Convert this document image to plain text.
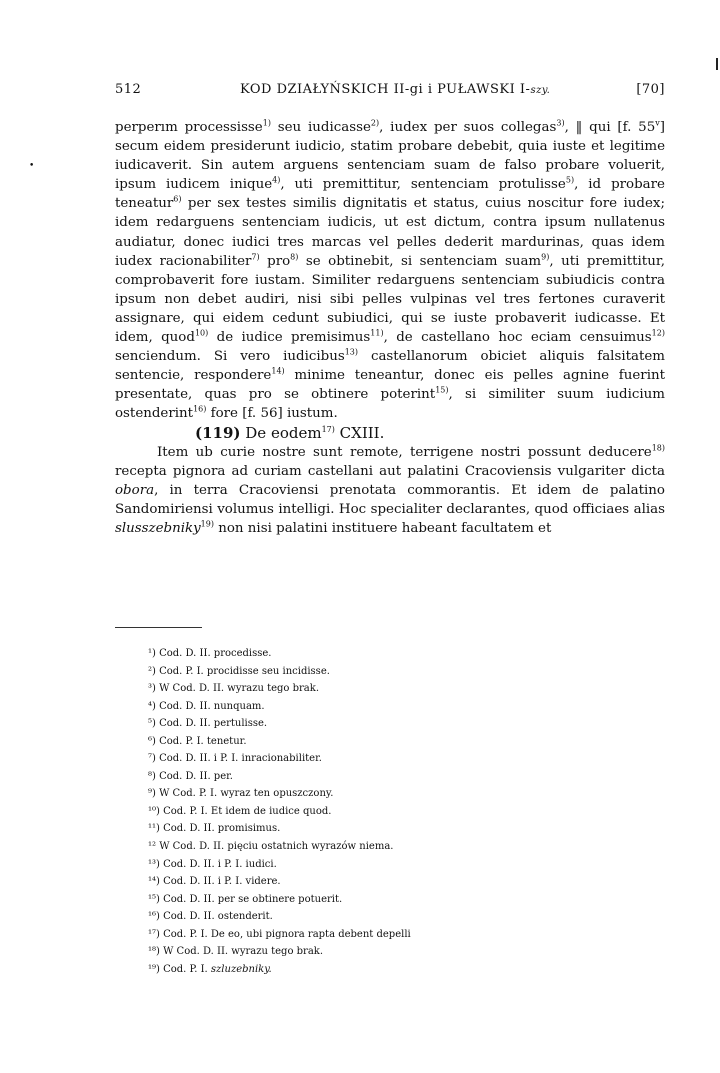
•
512	KOD DZIAŁYŃSKICH II-gi i PUŁAWSKI I-szy.	[70]

perperım processisse$^{1)}$ seu iudicasse$^{2)}$, iudex per suos collegas$^{3)}$, ‖ qui [f. 55$^v$] secum eidem presiderunt iudicio, statim probare debebit, quia iuste et legitime iudicaverit. Sin autem arguens sentenciam suam de falso probare voluerit, ipsum iudicem inique$^{4)}$, uti premittitur, sentenciam protulisse$^{5)}$, id probare teneatur$^{6)}$ per sex testes similis dignitatis et status, cuius noscitur fore iudex; idem redarguens sentenciam iudicis, ut est dictum, contra ipsum nullatenus audiatur, donec iudici tres marcas vel pelles dederit mardurinas, quas idem iudex racionabiliter$^{7)}$ pro$^{8)}$ se obtinebit, si sentenciam suam$^{9)}$, uti premittitur, comprobaverit fore iustam. Similiter redarguens sentenciam subiudicis contra ipsum non debet audiri, nisi sibi pelles vulpinas vel tres fertones curaverit assignare, qui eidem cedunt subiudici, qui se iuste probaverit iudicasse. Et idem, quod$^{10)}$ de iudice premisimus$^{11)}$, de castellano hoc eciam censuimus$^{12)}$ senciendum. Si vero iudicibus$^{13)}$ castellanorum obiciet aliquis falsitatem sentencie, respondere$^{14)}$ minime teneantur, donec eis pelles agnine fuerint presentate, quas pro se obtinere poterint$^{15)}$, si similiter suum iudicium ostenderint$^{16)}$ fore [f. 56] iustum.

(119) De eodem$^{17)}$ CXIII.

Item ub curie nostre sunt remote, terrigene nostri possunt deducere$^{18)}$ recepta pignora ad curiam castellani aut palatini Cracoviensis vulgariter dicta obora, in terra Cracoviensi prenotata commorantis. Et idem de palatino Sandomiriensi volumus intelligi. Hoc specialiter declarantes, quod officiaes alias slusszebniky$^{19)}$ non nisi palatini instituere habeant facultatem et

¹) Cod. D. II. procedisse.
²) Cod. P. I. procidisse seu incidisse.
³) W Cod. D. II. wyrazu tego brak.
⁴) Cod. D. II. nunquam.
⁵) Cod. D. II. pertulisse.
⁶) Cod. P. I. tenetur.
⁷) Cod. D. II. i P. I. inracionabiliter.
⁸) Cod. D. II. per.
⁹) W Cod. P. I. wyraz ten opuszczony.
¹⁰) Cod. P. I. Et idem de iudice quod.
¹¹) Cod. D. II. promisimus.
¹² W Cod. D. II. pięciu ostatnich wyrazów niema.
¹³) Cod. D. II. i P. I. iudici.
¹⁴) Cod. D. II. i P. I. videre.
¹⁵) Cod. D. II. per se obtinere potuerit.
¹⁶) Cod. D. II. ostenderit.
¹⁷) Cod. P. I. De eo, ubi pignora rapta debent depelli
¹⁸) W Cod. D. II. wyrazu tego brak.
¹⁹) Cod. P. I. szluzebniky.
